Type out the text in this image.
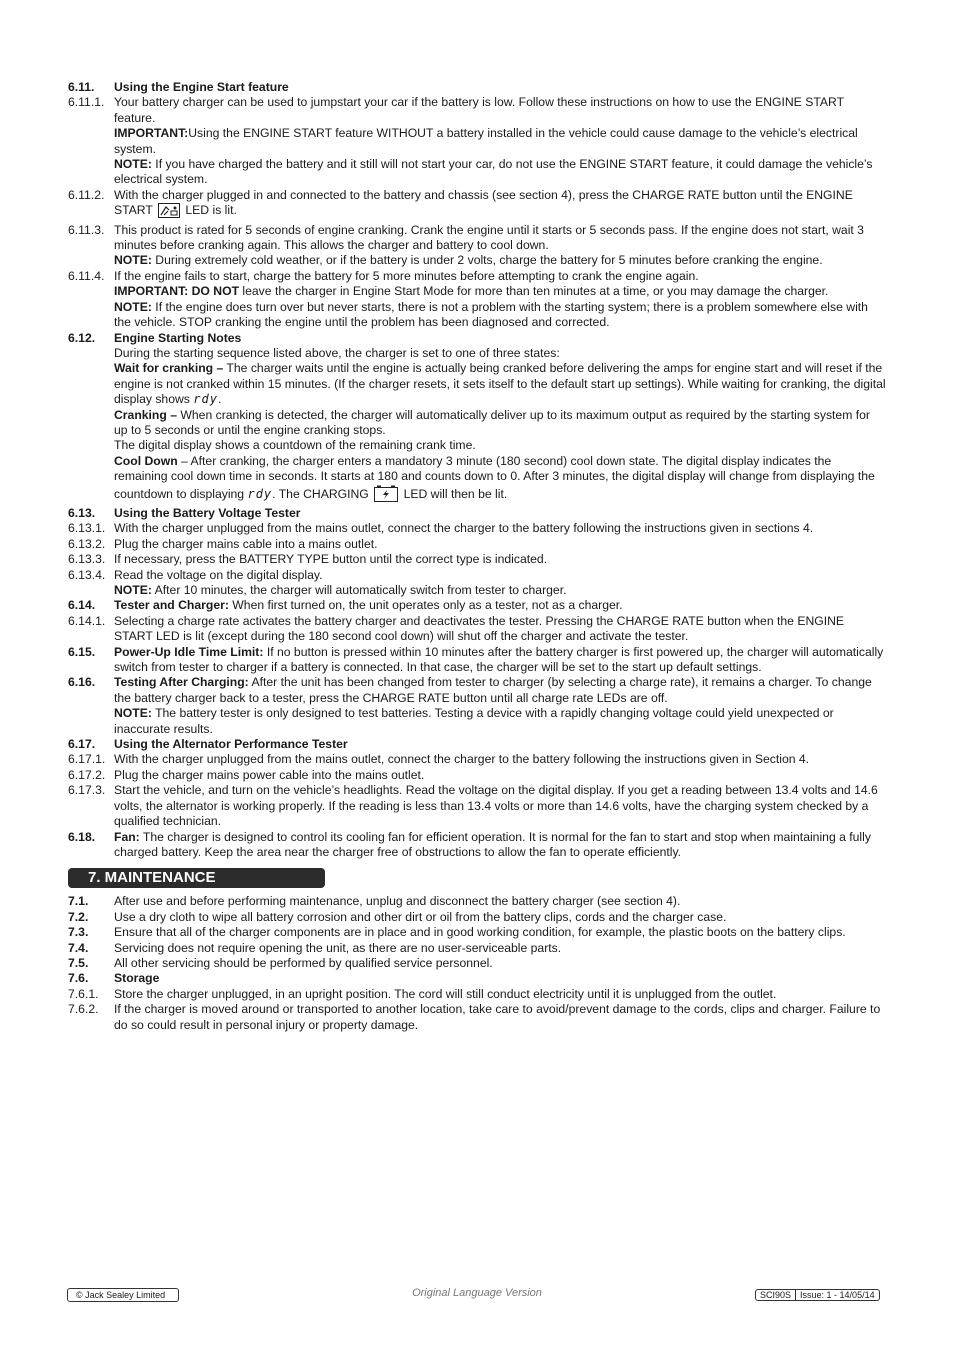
6.11.	Using the Engine Start feature
6.11.1. Your battery charger can be used to jumpstart your car if the battery is low. Follow these instructions on how to use the ENGINE START feature.
IMPORTANT:Using the ENGINE START feature WITHOUT a battery installed in the vehicle could cause damage to the vehicle’s electrical system.
NOTE: If you have charged the battery and it still will not start your car, do not use the ENGINE START feature, it could damage the vehicle’s electrical system.
6.11.2. With the charger plugged in and connected to the battery and chassis (see section 4), press the CHARGE RATE button until the ENGINE START	LED is lit.
6.11.3. This product is rated for 5 seconds of engine cranking. Crank the engine until it starts or 5 seconds pass. If the engine does not start, wait 3 minutes before cranking again. This allows the charger and battery to cool down.
NOTE: During extremely cold weather, or if the battery is under 2 volts, charge the battery for 5 minutes before cranking the engine.
6.11.4. If the engine fails to start, charge the battery for 5 more minutes before attempting to crank the engine again.
IMPORTANT: DO NOT leave the charger in Engine Start Mode for more than ten minutes at a time, or you may damage the charger.
NOTE: If the engine does turn over but never starts, there is not a problem with the starting system; there is a problem somewhere else with the vehicle. STOP cranking the engine until the problem has been diagnosed and corrected.
6.12.	Engine Starting Notes
During the starting sequence listed above, the charger is set to one of three states:
Wait for cranking – The charger waits until the engine is actually being cranked before delivering the amps for engine start and will reset if the engine is not cranked within 15 minutes. (If the charger resets, it sets itself to the default start up settings). While waiting for cranking, the digital display shows rdy.
Cranking – When cranking is detected, the charger will automatically deliver up to its maximum output as required by the starting system for up to 5 seconds or until the engine cranking stops.
The digital display shows a countdown of the remaining crank time.
Cool Down – After cranking, the charger enters a mandatory 3 minute (180 second) cool down state. The digital display indicates the remaining cool down time in seconds. It starts at 180 and counts down to 0. After 3 minutes, the digital display will change from displaying the countdown to displaying rdy. The CHARGING	LED will then be lit.
6.13.	Using the Battery Voltage Tester
6.13.1. With the charger unplugged from the mains outlet, connect the charger to the battery following the instructions given in sections 4.
6.13.2. Plug the charger mains cable into a mains outlet.
6.13.3. If necessary, press the BATTERY TYPE button until the correct type is indicated.
6.13.4. Read the voltage on the digital display.
NOTE: After 10 minutes, the charger will automatically switch from tester to charger.
6.14.	Tester and Charger: When first turned on, the unit operates only as a tester, not as a charger.
6.14.1. Selecting a charge rate activates the battery charger and deactivates the tester. Pressing the CHARGE RATE button when the ENGINE START LED is lit (except during the 180 second cool down) will shut off the charger and activate the tester.
6.15.	Power-Up Idle Time Limit: If no button is pressed within 10 minutes after the battery charger is first powered up, the charger will automatically switch from tester to charger if a battery is connected. In that case, the charger will be set to the start up default settings.
6.16.	Testing After Charging: After the unit has been changed from tester to charger (by selecting a charge rate), it remains a charger. To change the battery charger back to a tester, press the CHARGE RATE button until all charge rate LEDs are off.
NOTE: The battery tester is only designed to test batteries. Testing a device with a rapidly changing voltage could yield unexpected or inaccurate results.
6.17.	Using the Alternator Performance Tester
6.17.1. With the charger unplugged from the mains outlet, connect the charger to the battery following the instructions given in Section 4.
6.17.2. Plug the charger mains power cable into the mains outlet.
6.17.3. Start the vehicle, and turn on the vehicle’s headlights. Read the voltage on the digital display. If you get a reading between 13.4 volts and 14.6 volts, the alternator is working properly. If the reading is less than 13.4 volts or more than 14.6 volts, have the charging system checked by a qualified technician.
6.18.	Fan: The charger is designed to control its cooling fan for efficient operation. It is normal for the fan to start and stop when maintaining a fully charged battery. Keep the area near the charger free of obstructions to allow the fan to operate efficiently.
7. MAINTENANCE
7.1.	After use and before performing maintenance, unplug and disconnect the battery charger (see section 4).
7.2.	Use a dry cloth to wipe all battery corrosion and other dirt or oil from the battery clips, cords and the charger case.
7.3.	Ensure that all of the charger components are in place and in good working condition, for example, the plastic boots on the battery clips.
7.4.	Servicing does not require opening the unit, as there are no user-serviceable parts.
7.5.	All other servicing should be performed by qualified service personnel.
7.6.	Storage
7.6.1.	Store the charger unplugged, in an upright position. The cord will still conduct electricity until it is unplugged from the outlet.
7.6.2.	If the charger is moved around or transported to another location, take care to avoid/prevent damage to the cords, clips and charger. Failure to do so could result in personal injury or property damage.
© Jack Sealey Limited	Original Language Version	SCI90S	Issue: 1 - 14/05/14
